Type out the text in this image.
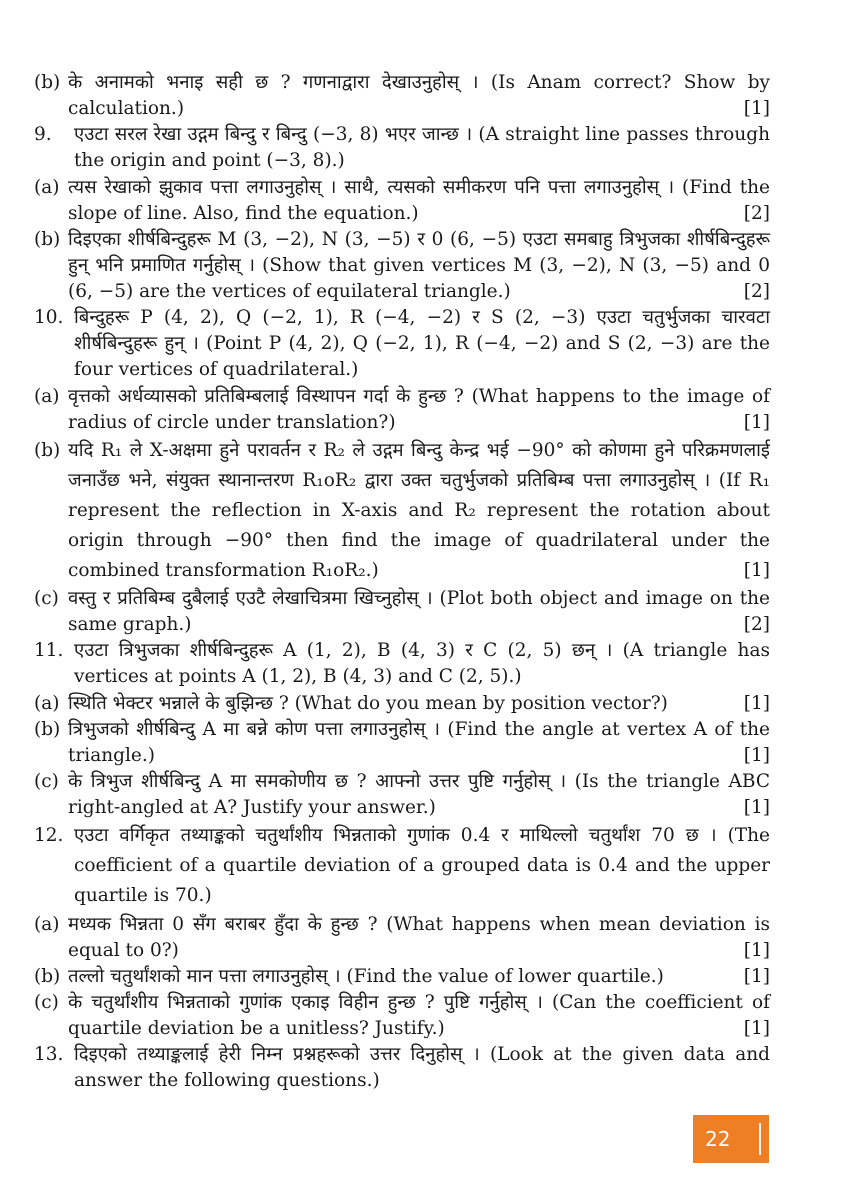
(b) के अनामको भनाइ सही छ ? गणनाद्वारा देखाउनुहोस् । (Is Anam correct? Show by calculation.)	[1]
9. एउटा सरल रेखा उद्गम बिन्दु र बिन्दु (−3, 8) भएर जान्छ । (A straight line passes through the origin and point (−3, 8).)
(a) त्यस रेखाको झुकाव पत्ता लगाउनुहोस् । साथै, त्यसको समीकरण पनि पत्ता लगाउनुहोस् । (Find the slope of line. Also, find the equation.)	[2]
(b) दिइएका शीर्षबिन्दुहरू M (3, −2), N (3, −5) र 0 (6, −5) एउटा समबाहु त्रिभुजका शीर्षबिन्दुहरू हुन् भनि प्रमाणित गर्नुहोस् । (Show that given vertices M (3, −2), N (3, −5) and 0 (6, −5) are the vertices of equilateral triangle.)	[2]
10. बिन्दुहरू P (4, 2), Q (−2, 1), R (−4, −2) र S (2, −3) एउटा चतुर्भुजका चारवटा शीर्षबिन्दुहरू हुन् । (Point P (4, 2), Q (−2, 1), R (−4, −2) and S (2, −3) are the four vertices of quadrilateral.)
(a) वृत्तको अर्धव्यासको प्रतिबिम्बलाई विस्थापन गर्दा के हुन्छ ? (What happens to the image of radius of circle under translation?)	[1]
(b) यदि R₁ ले X-अक्षमा हुने परावर्तन र R₂ ले उद्गम बिन्दु केन्द्र भई −90° को कोणमा हुने परिक्रमणलाई जनाउँछ भने, संयुक्त स्थानान्तरण R₁oR₂ द्वारा उक्त चतुर्भुजको प्रतिबिम्ब पत्ता लगाउनुहोस् । (If R₁ represent the reflection in X-axis and R₂ represent the rotation about origin through −90° then find the image of quadrilateral under the combined transformation R₁oR₂.)	[1]
(c) वस्तु र प्रतिबिम्ब दुबैलाई एउटै लेखाचित्रमा खिच्नुहोस् । (Plot both object and image on the same graph.)	[2]
11. एउटा त्रिभुजका शीर्षबिन्दुहरू A (1, 2), B (4, 3) र C (2, 5) छन् । (A triangle has vertices at points A (1, 2), B (4, 3) and C (2, 5).)
(a) स्थिति भेक्टर भन्नाले के बुझिन्छ ? (What do you mean by position vector?)	[1]
(b) त्रिभुजको शीर्षबिन्दु A मा बन्ने कोण पत्ता लगाउनुहोस् । (Find the angle at vertex A of the triangle.)	[1]
(c) के त्रिभुज शीर्षबिन्दु A मा समकोणीय छ ? आफ्नो उत्तर पुष्टि गर्नुहोस् । (Is the triangle ABC right-angled at A? Justify your answer.)	[1]
12. एउटा वर्गिकृत तथ्याङ्कको चतुर्थांशीय भिन्नताको गुणांक 0.4 र माथिल्लो चतुर्थांश 70 छ । (The coefficient of a quartile deviation of a grouped data is 0.4 and the upper quartile is 70.)
(a) मध्यक भिन्नता 0 सँग बराबर हुँदा के हुन्छ ? (What happens when mean deviation is equal to 0?)	[1]
(b) तल्लो चतुर्थांशको मान पत्ता लगाउनुहोस् । (Find the value of lower quartile.)	[1]
(c) के चतुर्थांशीय भिन्नताको गुणांक एकाइ विहीन हुन्छ ? पुष्टि गर्नुहोस् । (Can the coefficient of quartile deviation be a unitless? Justify.)	[1]
13. दिइएको तथ्याङ्कलाई हेरी निम्न प्रश्नहरूको उत्तर दिनुहोस् । (Look at the given data and answer the following questions.)
22
